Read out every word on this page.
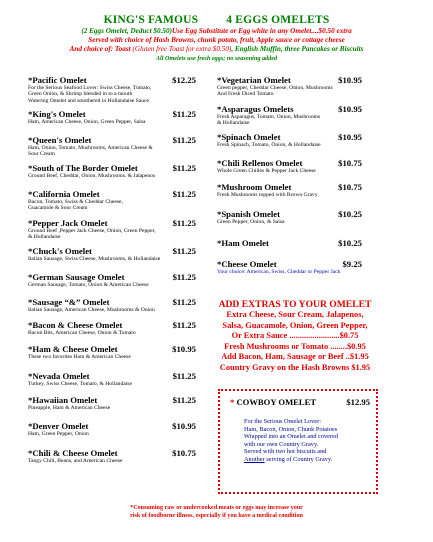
KING'S FAMOUS 4 EGGS OMELETS
(2 Eggs Omelet, Deduct $0.50)Use Egg Substitute or Egg white in any Omelet....$0.50 extra
Served with choice of Hash Browns, chunk potato, fruit, Apple sauce or cottage cheese
And choice of: Toast (Gluten free Toast for extra $0.50), English Muffin, three Pancakes or Biscuits
All Omelets use fresh eggs; no seasoning added
*Pacific Omelet	$12.25
For the Serious Seafood Lover: Swiss Cheese, Tomato,
Green Onion, & Shrimp blended in to a mouth
Watering Omelet and smothered in Hollandaise Sauce
*King's Omelet	$11.25
Ham, American Cheese, Onion, Green Pepper, Salsa
*Queen's Omelet	$11.25
Ham, Onion, Tomato, Mushrooms, American Cheese &
Sour Cream
*South of The Border Omelet	$11.25
Ground Beef, Cheddar, Onion, Mushrooms. & Jalapenos
*California Omelet	$11.25
Bacon, Tomato, Swiss & Cheddar Cheese,
Guacamole & Sour Cream
*Pepper Jack Omelet	$11.25
Ground Beef ,Pepper Jack Cheese, Onion, Green Pepper,
& Hollandaise
*Chuck's Omelet	$11.25
Italian Sausage, Swiss Cheese, Mushrooms, & Hollandaise
*German Sausage Omelet	$11.25
German Sausage, Tomato, Onion & American Cheese
*Sausage “&” Omelet	$11.25
Italian Sausage, American Cheese, Mushrooms & Onion
*Bacon & Cheese Omelet	$11.25
Bacon Bits, American Cheese, Onion & Tomato
*Ham & Cheese Omelet	$10.95
These two favorites Ham & American Cheese
*Nevada Omelet	$11.25
Turkey, Swiss Cheese, Tomato, & Hollandaise
*Hawaiian Omelet	$11.25
Pineapple, Ham & American Cheese
*Denver Omelet	$10.95
Ham, Green Pepper, Onion
*Chili & Cheese Omelet	$10.75
Tangy Chili, Beans, and American Cheese
*Vegetarian Omelet	$10.95
Green pepper, Cheddar Cheese, Onion, Mushrooms
And Fresh Diced Tomato
*Asparagus Omelets	$10.95
Fresh Asparagus, Tomato, Onion, Mushrooms
& Hollandaise
*Spinach Omelet	$10.95
Fresh Spinach, Tomato, Onion, & Hollandaise
*Chili Rellenos Omelet	$10.75
Whole Green Chilies & Pepper Jack Cheese
*Mushroom Omelet	$10.75
Fresh Mushrooms topped with Brown Gravy
*Spanish Omelet	$10.25
Green Pepper, Onion, & Salsa
*Ham Omelet	$10.25
*Cheese Omelet	$9.25
Your choice: American, Swiss, Cheddar or Pepper Jack
ADD EXTRAS TO YOUR OMELET
Extra Cheese, Sour Cream, Jalapenos,
Salsa, Guacamole, Onion, Green Pepper,
Or Extra Sauce ........................$0.75
Fresh Mushrooms or Tomato ........$0.95
Add Bacon, Ham, Sausage or Beef ..$1.95
Country Gravy on the Hash Browns $1.95
* COWBOY OMELET	$12.95
For the Serious Omelet Lover:
Ham, Bacon, Onion, Chunk Potatoes
Wrapped into an Omelet and covered
with our own Country Gravy.
Served with two hot biscuits and
Another serving of Country Gravy.
*Consuming raw or undercooked meats or eggs may increase your
risk of foodborne illness, especially if you have a medical condition
